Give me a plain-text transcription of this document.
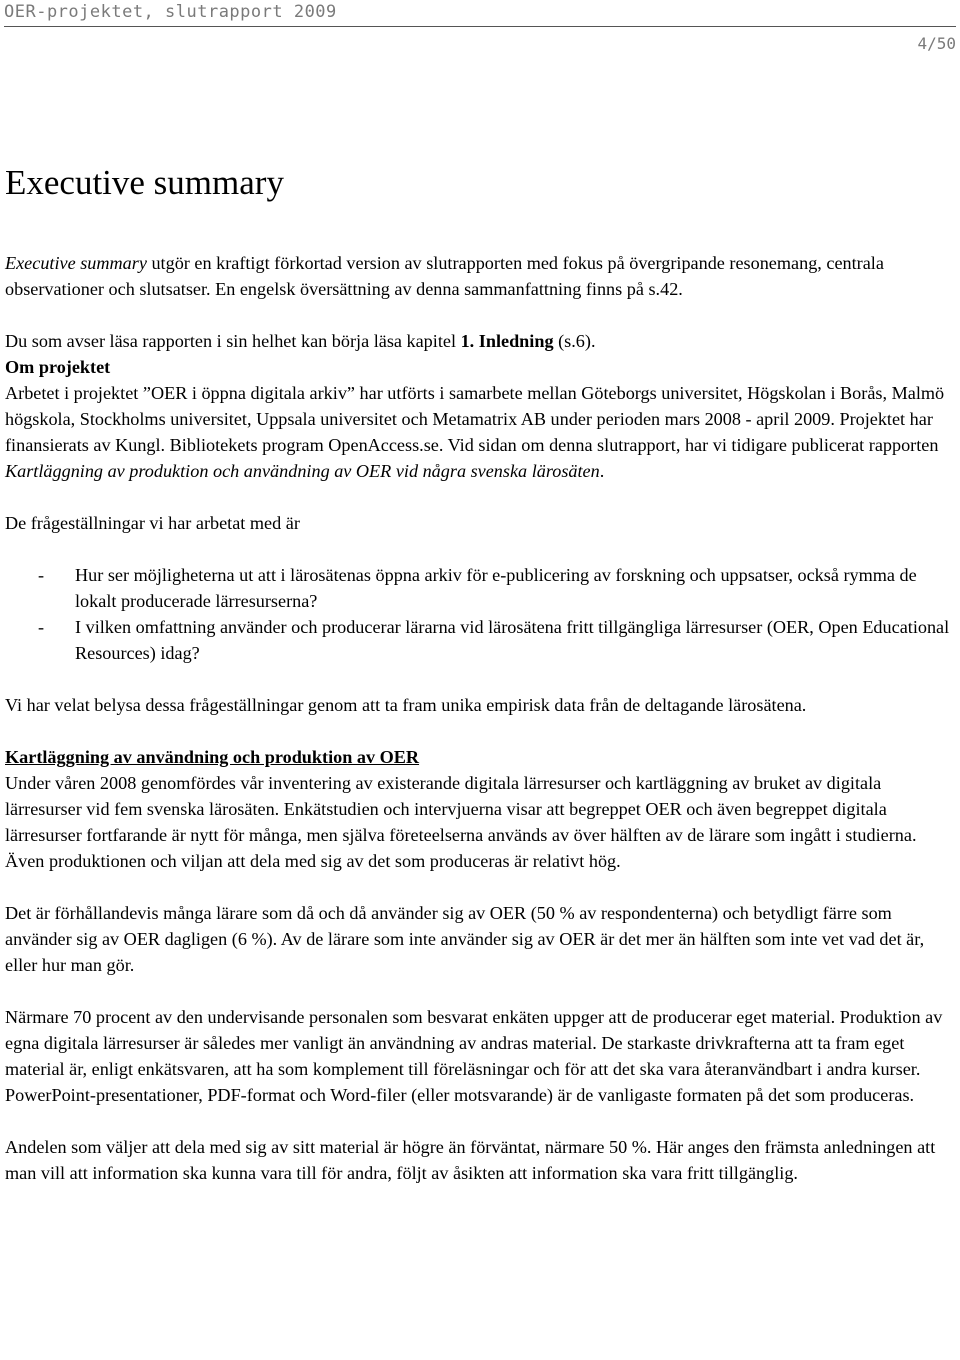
OER-projektet, slutrapport 2009
4/50
Executive summary

Executive summary utgör en kraftigt förkortad version av slutrapporten med fokus på övergripande resonemang, centrala observationer och slutsatser. En engelsk översättning av denna sammanfattning finns på s.42.

Du som avser läsa rapporten i sin helhet kan börja läsa kapitel 1. Inledning (s.6).

Om projektet

Arbetet i projektet ”OER i öppna digitala arkiv” har utförts i samarbete mellan Göteborgs universitet, Högskolan i Borås, Malmö högskola, Stockholms universitet, Uppsala universitet och Metamatrix AB under perioden mars 2008 - april 2009. Projektet har finansierats av Kungl. Bibliotekets program OpenAccess.se. Vid sidan om denna slutrapport, har vi tidigare publicerat rapporten Kartläggning av produktion och användning av OER vid några svenska lärosäten.

De frågeställningar vi har arbetat med är

- Hur ser möjligheterna ut att i lärosätenas öppna arkiv för e-publicering av forskning och uppsatser, också rymma de lokalt producerade lärresurserna?
- I vilken omfattning använder och producerar lärarna vid lärosätena fritt tillgängliga lärresurser (OER, Open Educational Resources) idag?

Vi har velat belysa dessa frågeställningar genom att ta fram unika empirisk data från de deltagande lärosätena.

Kartläggning av användning och produktion av OER

Under våren 2008 genomfördes vår inventering av existerande digitala lärresurser och kartläggning av bruket av digitala lärresurser vid fem svenska lärosäten. Enkätstudien och intervjuerna visar att begreppet OER och även begreppet digitala lärresurser fortfarande är nytt för många, men själva företeelserna används av över hälften av de lärare som ingått i studierna. Även produktionen och viljan att dela med sig av det som produceras är relativt hög.

Det är förhållandevis många lärare som då och då använder sig av OER (50 % av respondenterna) och betydligt färre som använder sig av OER dagligen (6 %). Av de lärare som inte använder sig av OER är det mer än hälften som inte vet vad det är, eller hur man gör.

Närmare 70 procent av den undervisande personalen som besvarat enkäten uppger att de producerar eget material. Produktion av egna digitala lärresurser är således mer vanligt än användning av andras material. De starkaste drivkrafterna att ta fram eget material är, enligt enkätsvaren, att ha som komplement till föreläsningar och för att det ska vara återanvändbart i andra kurser. PowerPoint-presentationer, PDF-format och Word-filer (eller motsvarande) är de vanligaste formaten på det som produceras.

Andelen som väljer att dela med sig av sitt material är högre än förväntat, närmare 50 %. Här anges den främsta anledningen att man vill att information ska kunna vara till för andra, följt av åsikten att information ska vara fritt tillgänglig.
